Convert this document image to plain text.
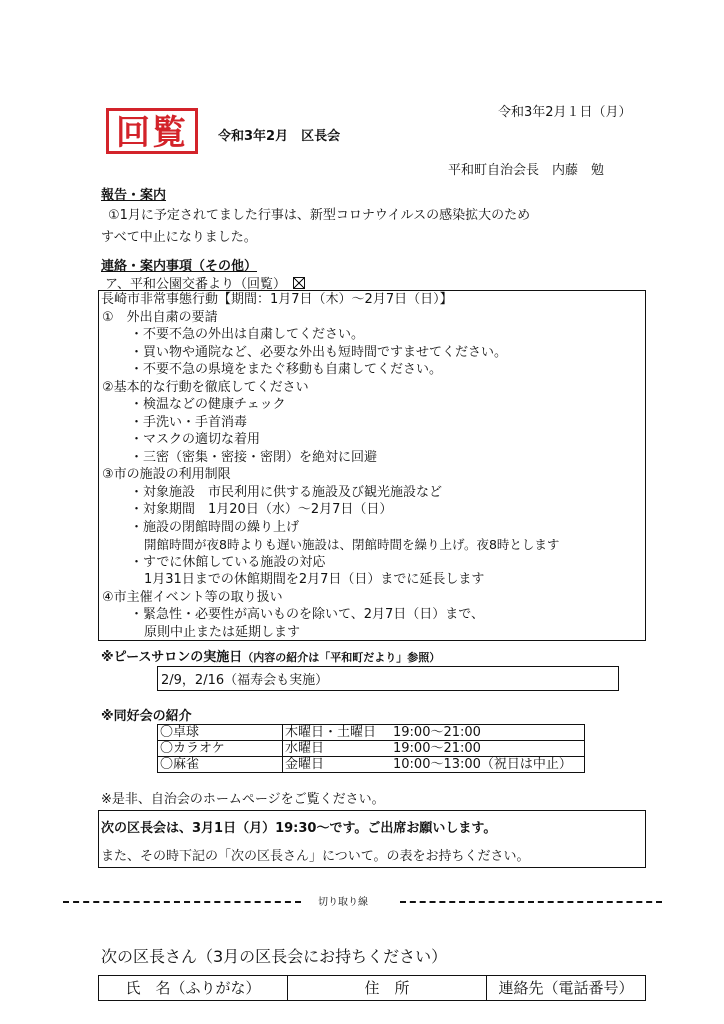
令和3年2月１日（月）
回覧	令和3年2月　区長会
平和町自治会長　内藤　勉
報告・案内
①1月に予定されてました行事は、新型コロナウイルスの感染拡大のため
すべて中止になりました。
連絡・案内事項（その他）
ア、平和公園交番より（回覧）
長崎市非常事態行動【期間：1月7日（木）～2月7日（日）】
①　外出自粛の要請
・不要不急の外出は自粛してください。
・買い物や通院など、必要な外出も短時間ですませてください。
・不要不急の県境をまたぐ移動も自粛してください。
②基本的な行動を徹底してください
・検温などの健康チェック
・手洗い・手首消毒
・マスクの適切な着用
・三密（密集・密接・密閉）を絶対に回避
③市の施設の利用制限
・対象施設　市民利用に供する施設及び観光施設など
・対象期間　1月20日（水）～2月7日（日）
・施設の閉館時間の繰り上げ
開館時間が夜8時よりも遅い施設は、閉館時間を繰り上げ。夜8時とします
・すでに休館している施設の対応
1月31日までの休館期間を2月7日（日）までに延長します
④市主催イベント等の取り扱い
・緊急性・必要性が高いものを除いて、2月7日（日）まで、
原則中止または延期します
※ピースサロンの実施日（内容の紹介は「平和町だより」参照）
2/9，2/16（福寿会も実施）
※同好会の紹介
〇卓球	木曜日・土曜日 19:00～21:00
〇カラオケ	水曜日 19:00～21:00
〇麻雀	金曜日 10:00～13:00（祝日は中止）
※是非、自治会のホームページをご覧ください。
次の区長会は、3月1日（月）19:30～です。ご出席お願いします。
また、その時下記の「次の区長さん」について。の表をお持ちください。
切り取り線
次の区長さん（3月の区長会にお持ちください）
氏　名（ふりがな）	住　所	連絡先（電話番号）
